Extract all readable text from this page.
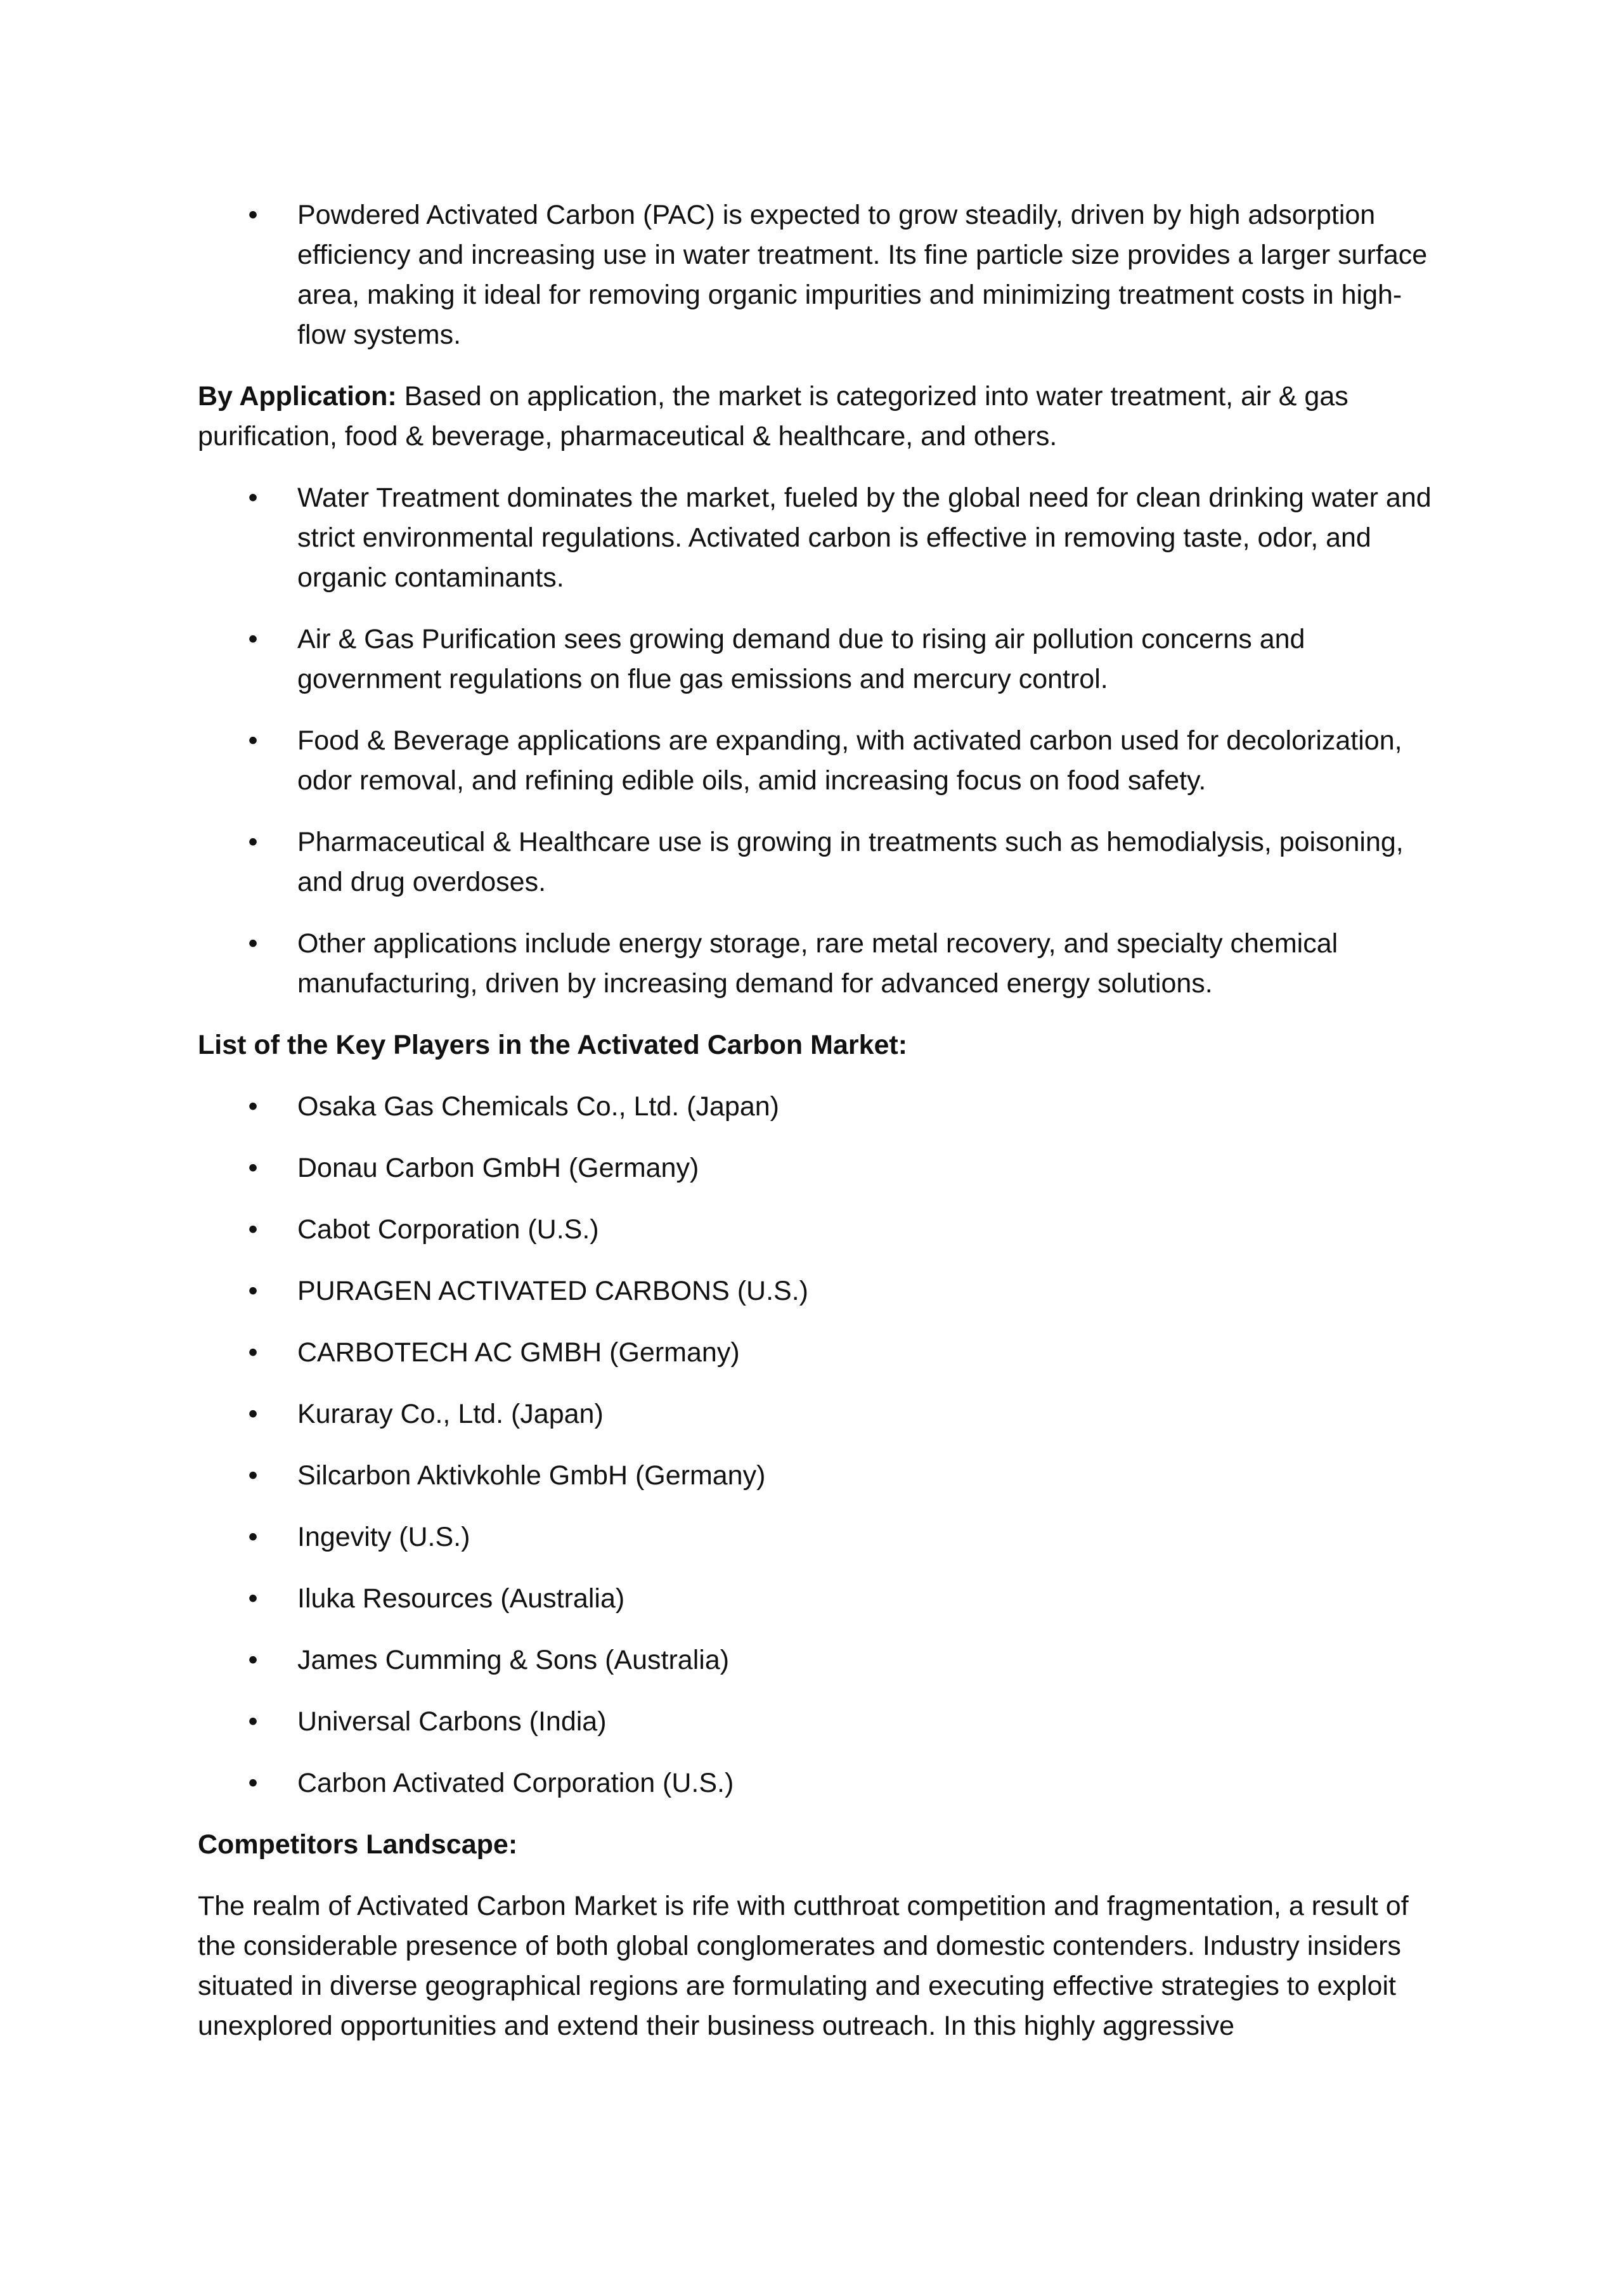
• Powdered Activated Carbon (PAC) is expected to grow steadily, driven by high adsorption efficiency and increasing use in water treatment. Its fine particle size provides a larger surface area, making it ideal for removing organic impurities and minimizing treatment costs in high-flow systems.

By Application: Based on application, the market is categorized into water treatment, air & gas purification, food & beverage, pharmaceutical & healthcare, and others.

• Water Treatment dominates the market, fueled by the global need for clean drinking water and strict environmental regulations. Activated carbon is effective in removing taste, odor, and organic contaminants.
• Air & Gas Purification sees growing demand due to rising air pollution concerns and government regulations on flue gas emissions and mercury control.
• Food & Beverage applications are expanding, with activated carbon used for decolorization, odor removal, and refining edible oils, amid increasing focus on food safety.
• Pharmaceutical & Healthcare use is growing in treatments such as hemodialysis, poisoning, and drug overdoses.
• Other applications include energy storage, rare metal recovery, and specialty chemical manufacturing, driven by increasing demand for advanced energy solutions.

List of the Key Players in the Activated Carbon Market:

• Osaka Gas Chemicals Co., Ltd. (Japan)
• Donau Carbon GmbH (Germany)
• Cabot Corporation (U.S.)
• PURAGEN ACTIVATED CARBONS (U.S.)
• CARBOTECH AC GMBH (Germany)
• Kuraray Co., Ltd. (Japan)
• Silcarbon Aktivkohle GmbH (Germany)
• Ingevity (U.S.)
• Iluka Resources (Australia)
• James Cumming & Sons (Australia)
• Universal Carbons (India)
• Carbon Activated Corporation (U.S.)

Competitors Landscape:

The realm of Activated Carbon Market is rife with cutthroat competition and fragmentation, a result of the considerable presence of both global conglomerates and domestic contenders. Industry insiders situated in diverse geographical regions are formulating and executing effective strategies to exploit unexplored opportunities and extend their business outreach. In this highly aggressive
